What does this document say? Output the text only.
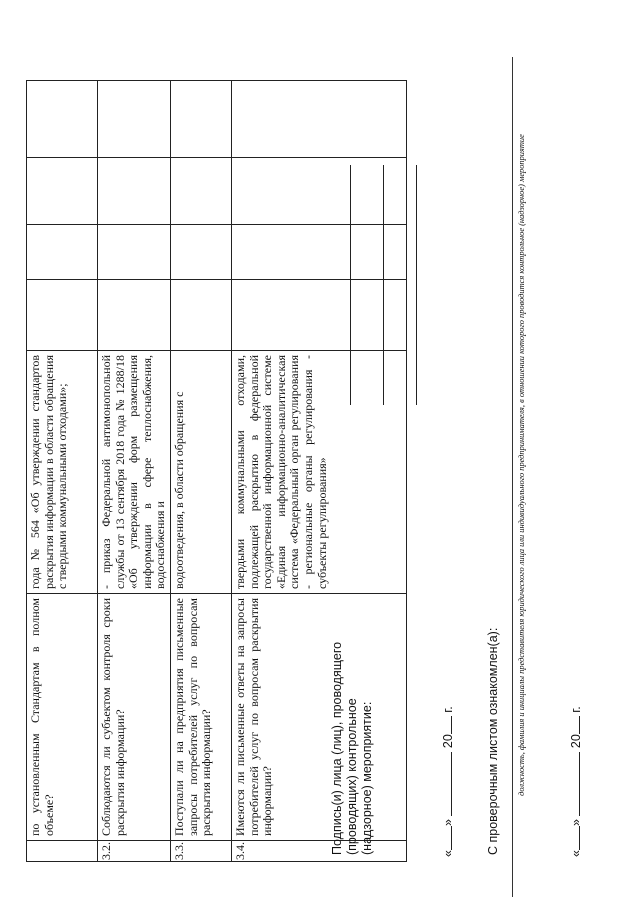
	по установленным Стандартам в полном объеме?	года № 564 «Об утверждении стандартов раскрытия информации в области обращения с твердыми коммунальными отходами»;				
3.2.	Соблюдаются ли субъектом контроля сроки раскрытия информации?	- приказ Федеральной антимонопольной службы от 13 сентября 2018 года № 1288/18 «Об утверждении форм размещения информации в сфере теплоснабжения, водоснабжения и				
3.3.	Поступали ли на предприятия письменные запросы потребителей услуг по вопросам раскрытия информации?	водоотведения, в области обращения с				
3.4.	Имеются ли письменные ответы на запросы потребителей услуг по вопросам раскрытия информации?	твердыми коммунальными отходами, подлежащей раскрытию в федеральной государственной информационной системе «Единая информационно-аналитическая система «Федеральный орган регулирования - региональные органы регулирования - субъекты регулирования»				
Подпись(и) лица (лиц), проводящего (проводящих) контрольное (надзорное) мероприятие:	«»  20 г. С проверочным листом ознакомлен(а): должность, фамилия и инициалы представителя юридического лица или индивидуального предпринимателя, в отношении которого проводится контрольное (надзорное) мероприятие
«»  20 г.
